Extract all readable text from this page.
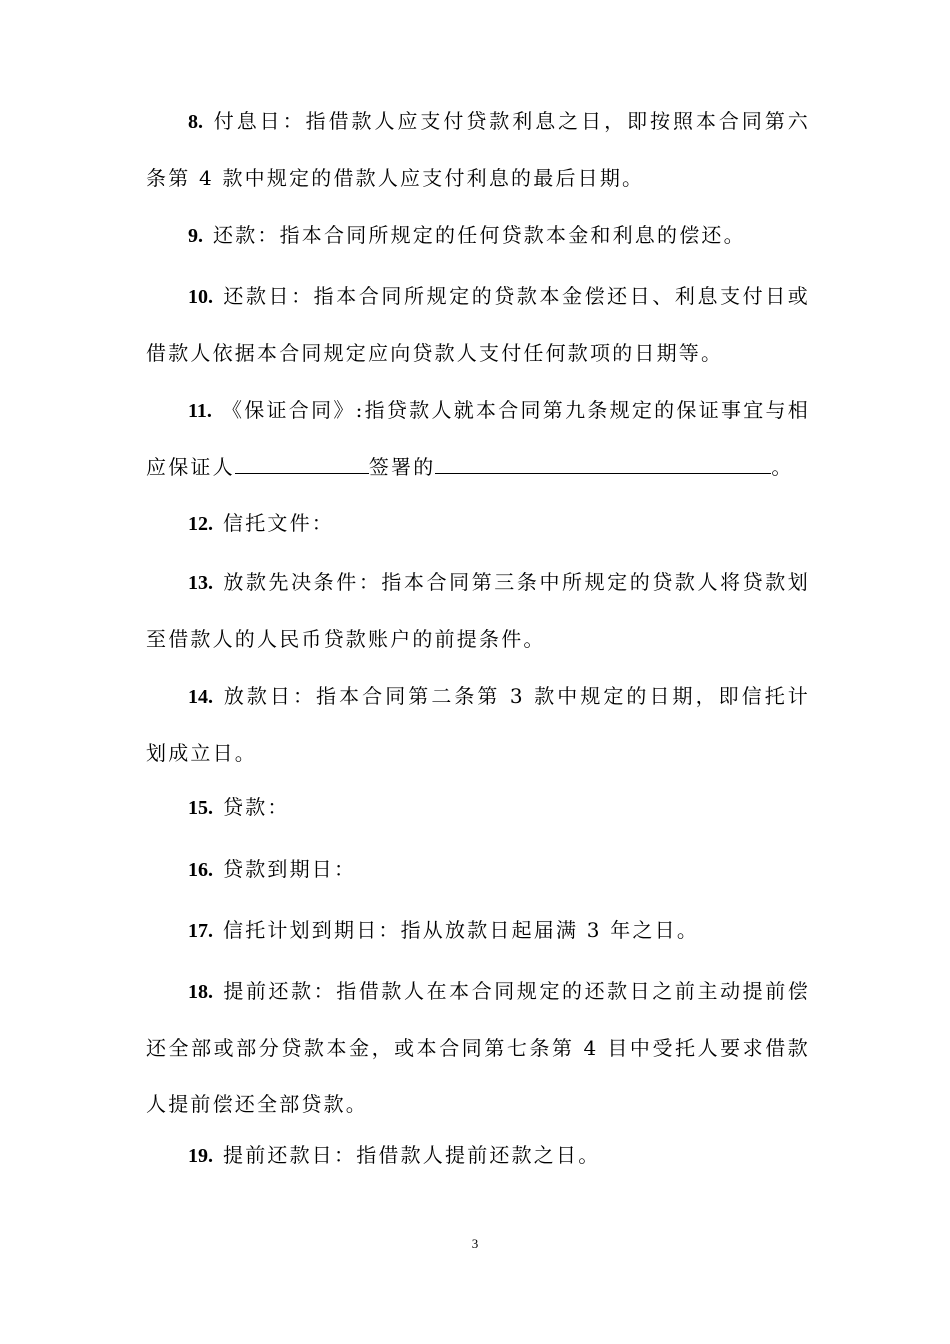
8. 付息日：指借款人应支付贷款利息之日，即按照本合同第六条第 4 款中规定的借款人应支付利息的最后日期。

9. 还款：指本合同所规定的任何贷款本金和利息的偿还。

10. 还款日：指本合同所规定的贷款本金偿还日、利息支付日或借款人依据本合同规定应向贷款人支付任何款项的日期等。

11. 《保证合同》:指贷款人就本合同第九条规定的保证事宜与相应保证人	签署的	。

12. 信托文件：

13. 放款先决条件：指本合同第三条中所规定的贷款人将贷款划至借款人的人民币贷款账户的前提条件。

14. 放款日：指本合同第二条第 3 款中规定的日期，即信托计划成立日。

15. 贷款：

16. 贷款到期日：

17. 信托计划到期日：指从放款日起届满 3 年之日。

18. 提前还款：指借款人在本合同规定的还款日之前主动提前偿还全部或部分贷款本金，或本合同第七条第 4 目中受托人要求借款人提前偿还全部贷款。

19. 提前还款日：指借款人提前还款之日。

3
